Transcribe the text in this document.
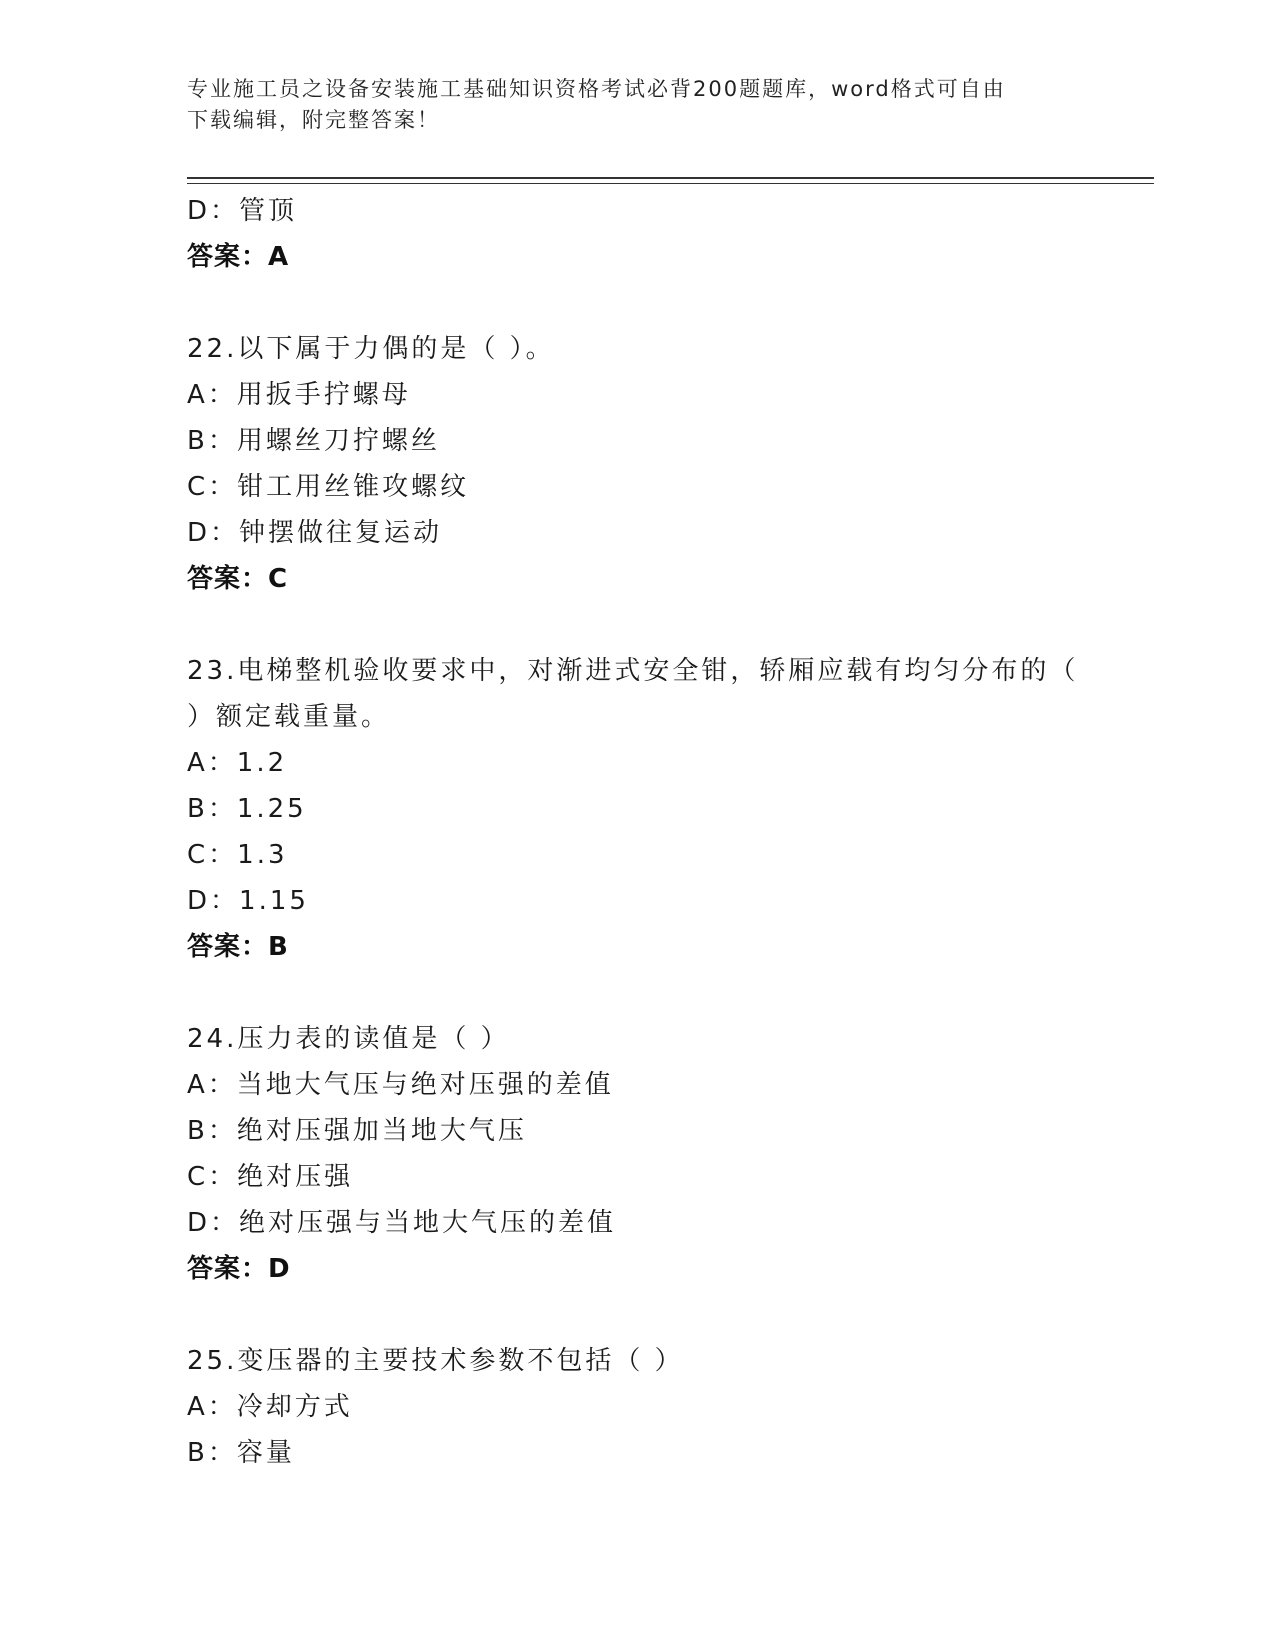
专业施工员之设备安装施工基础知识资格考试必背200题题库，word格式可自由
下载编辑，附完整答案！
D：管顶
答案：A
22.以下属于力偶的是（ ）。
A：用扳手拧螺母
B：用螺丝刀拧螺丝
C：钳工用丝锥攻螺纹
D：钟摆做往复运动
答案：C
23.电梯整机验收要求中，对渐进式安全钳，轿厢应载有均匀分布的（
）额定载重量。
A：1.2
B：1.25
C：1.3
D：1.15
答案：B
24.压力表的读值是（ ）
A：当地大气压与绝对压强的差值
B：绝对压强加当地大气压
C：绝对压强
D：绝对压强与当地大气压的差值
答案：D
25.变压器的主要技术参数不包括（ ）
A：冷却方式
B：容量
